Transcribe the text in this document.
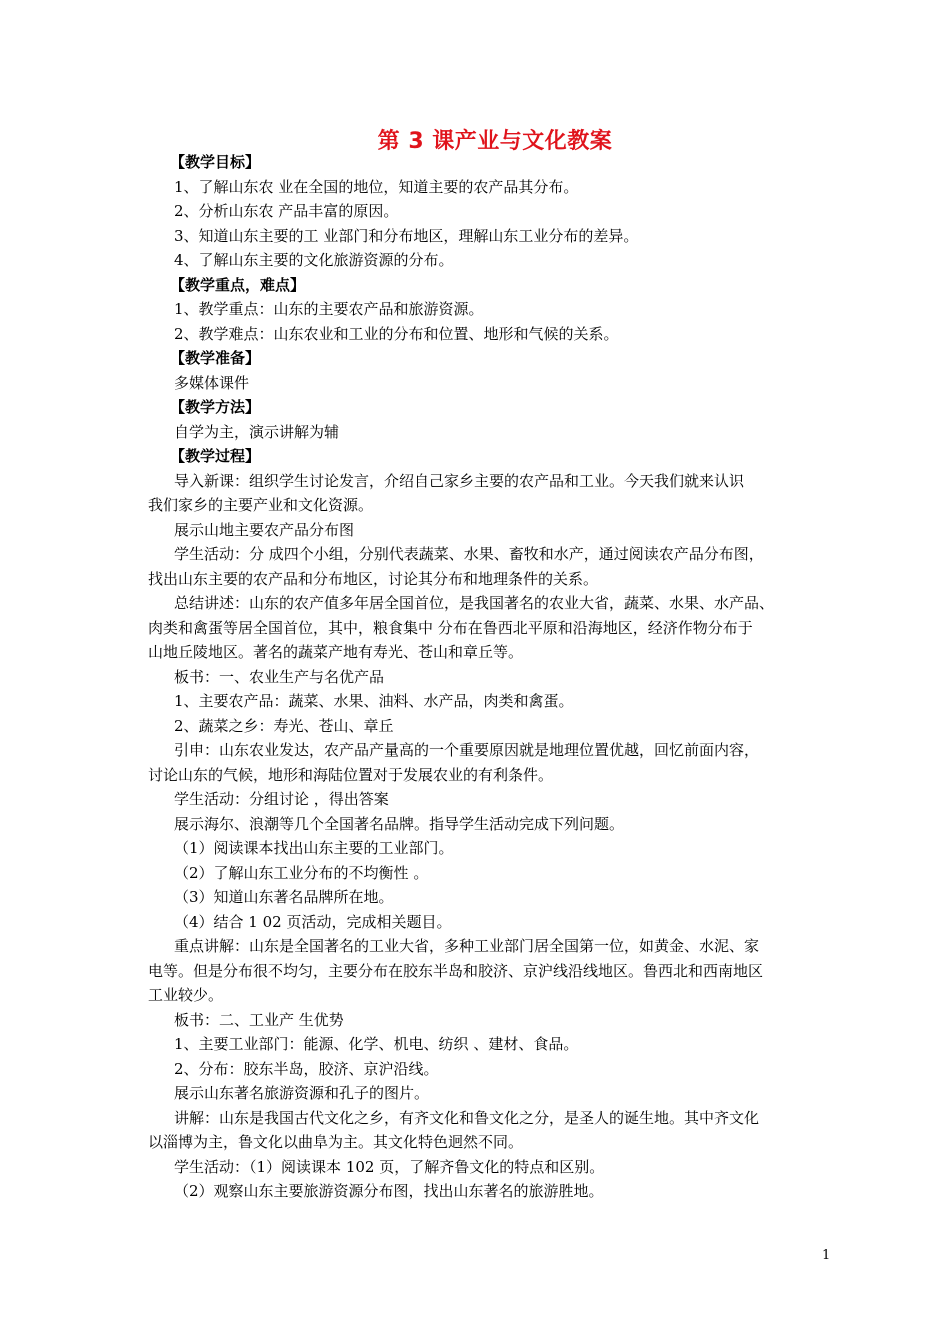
第 3 课产业与文化教案
【教学目标】
1、了解山东农 业在全国的地位，知道主要的农产品其分布。
2、分析山东农 产品丰富的原因。
3、知道山东主要的工 业部门和分布地区，理解山东工业分布的差异。
4、了解山东主要的文化旅游资源的分布。
【教学重点，难点】
1、教学重点：山东的主要农产品和旅游资源。
2、教学难点：山东农业和工业的分布和位置、地形和气候的关系。
【教学准备】
多媒体课件
【教学方法】
自学为主，演示讲解为辅
【教学过程】
导入新课：组织学生讨论发言，介绍自己家乡主要的农产品和工业。今天我们就来认识
我们家乡的主要产业和文化资源。
展示山地主要农产品分布图
学生活动：分 成四个小组，分别代表蔬菜、水果、畜牧和水产，通过阅读农产品分布图，
找出山东主要的农产品和分布地区，讨论其分布和地理条件的关系。
总结讲述：山东的农产值多年居全国首位，是我国著名的农业大省，蔬菜、水果、水产品、
肉类和禽蛋等居全国首位，其中，粮食集中 分布在鲁西北平原和沿海地区，经济作物分布于
山地丘陵地区。著名的蔬菜产地有寿光、苍山和章丘等。
板书：一、农业生产与名优产品
1、主要农产品：蔬菜、水果、油料、水产品，肉类和禽蛋。
2、蔬菜之乡：寿光、苍山、章丘
引申：山东农业发达，农产品产量高的一个重要原因就是地理位置优越，回忆前面内容，
讨论山东的气候，地形和海陆位置对于发展农业的有利条件。
学生活动：分组讨论 ，得出答案
展示海尔、浪潮等几个全国著名品牌。指导学生活动完成下列问题。
（1）阅读课本找出山东主要的工业部门。
（2）了解山东工业分布的不均衡性 。
（3）知道山东著名品牌所在地。
（4）结合 1 02 页活动，完成相关题目。
重点讲解：山东是全国著名的工业大省，多种工业部门居全国第一位，如黄金、水泥、家
电等。但是分布很不均匀，主要分布在胶东半岛和胶济、京沪线沿线地区。鲁西北和西南地区
工业较少。
板书：二、工业产 生优势
1、主要工业部门：能源、化学、机电、纺织 、建材、食品。
2、分布：胶东半岛，胶济、京沪沿线。
展示山东著名旅游资源和孔子的图片。
讲解：山东是我国古代文化之乡，有齐文化和鲁文化之分，是圣人的诞生地。其中齐文化
以淄博为主，鲁文化以曲阜为主。其文化特色迥然不同。
学生活动：（1）阅读课本 102 页，了解齐鲁文化的特点和区别。
（2）观察山东主要旅游资源分布图，找出山东著名的旅游胜地。
1
